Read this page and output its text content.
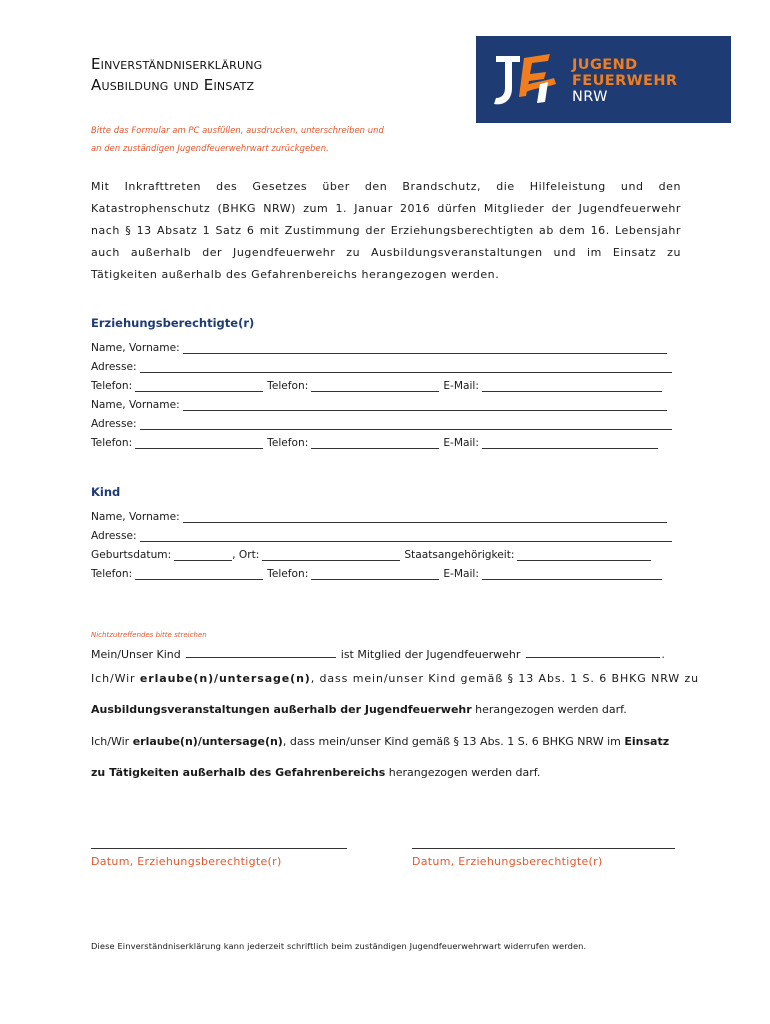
Einverständniserklärung
Ausbildung und Einsatz
JUGEND
FEUERWEHR
NRW
Bitte das Formular am PC ausfüllen, ausdrucken, unterschreiben und
an den zuständigen Jugendfeuerwehrwart zurückgeben.
Mit Inkrafttreten des Gesetzes über den Brandschutz, die Hilfeleistung und den Katastrophenschutz (BHKG NRW) zum 1. Januar 2016 dürfen Mitglieder der Jugendfeuerwehr nach § 13 Absatz 1 Satz 6 mit Zustimmung der Erziehungsberechtigten ab dem 16. Lebensjahr auch außerhalb der Jugendfeuerwehr zu Ausbildungsveranstaltungen und im Einsatz zu Tätigkeiten außerhalb des Gefahrenbereichs herangezogen werden.
Erziehungsberechtigte(r)
Name, Vorname:
Adresse:
Telefon:	Telefon:	E-Mail:
Name, Vorname:
Adresse:
Telefon:	Telefon:	E-Mail:
Kind
Name, Vorname:
Adresse:
Geburtsdatum:	, Ort:	Staatsangehörigkeit:
Telefon:	Telefon:	E-Mail:
Nichtzutreffendes bitte streichen
Mein/Unser Kind	ist Mitglied der Jugendfeuerwehr	.
Ich/Wir erlaube(n)/untersage(n), dass mein/unser Kind gemäß § 13 Abs. 1 S. 6 BHKG NRW zu
Ausbildungsveranstaltungen außerhalb der Jugendfeuerwehr herangezogen werden darf.
Ich/Wir erlaube(n)/untersage(n), dass mein/unser Kind gemäß § 13 Abs. 1 S. 6 BHKG NRW im Einsatz
zu Tätigkeiten außerhalb des Gefahrenbereichs herangezogen werden darf.
Datum, Erziehungsberechtigte(r)	Datum, Erziehungsberechtigte(r)
Diese Einverständniserklärung kann jederzeit schriftlich beim zuständigen Jugendfeuerwehrwart widerrufen werden.
